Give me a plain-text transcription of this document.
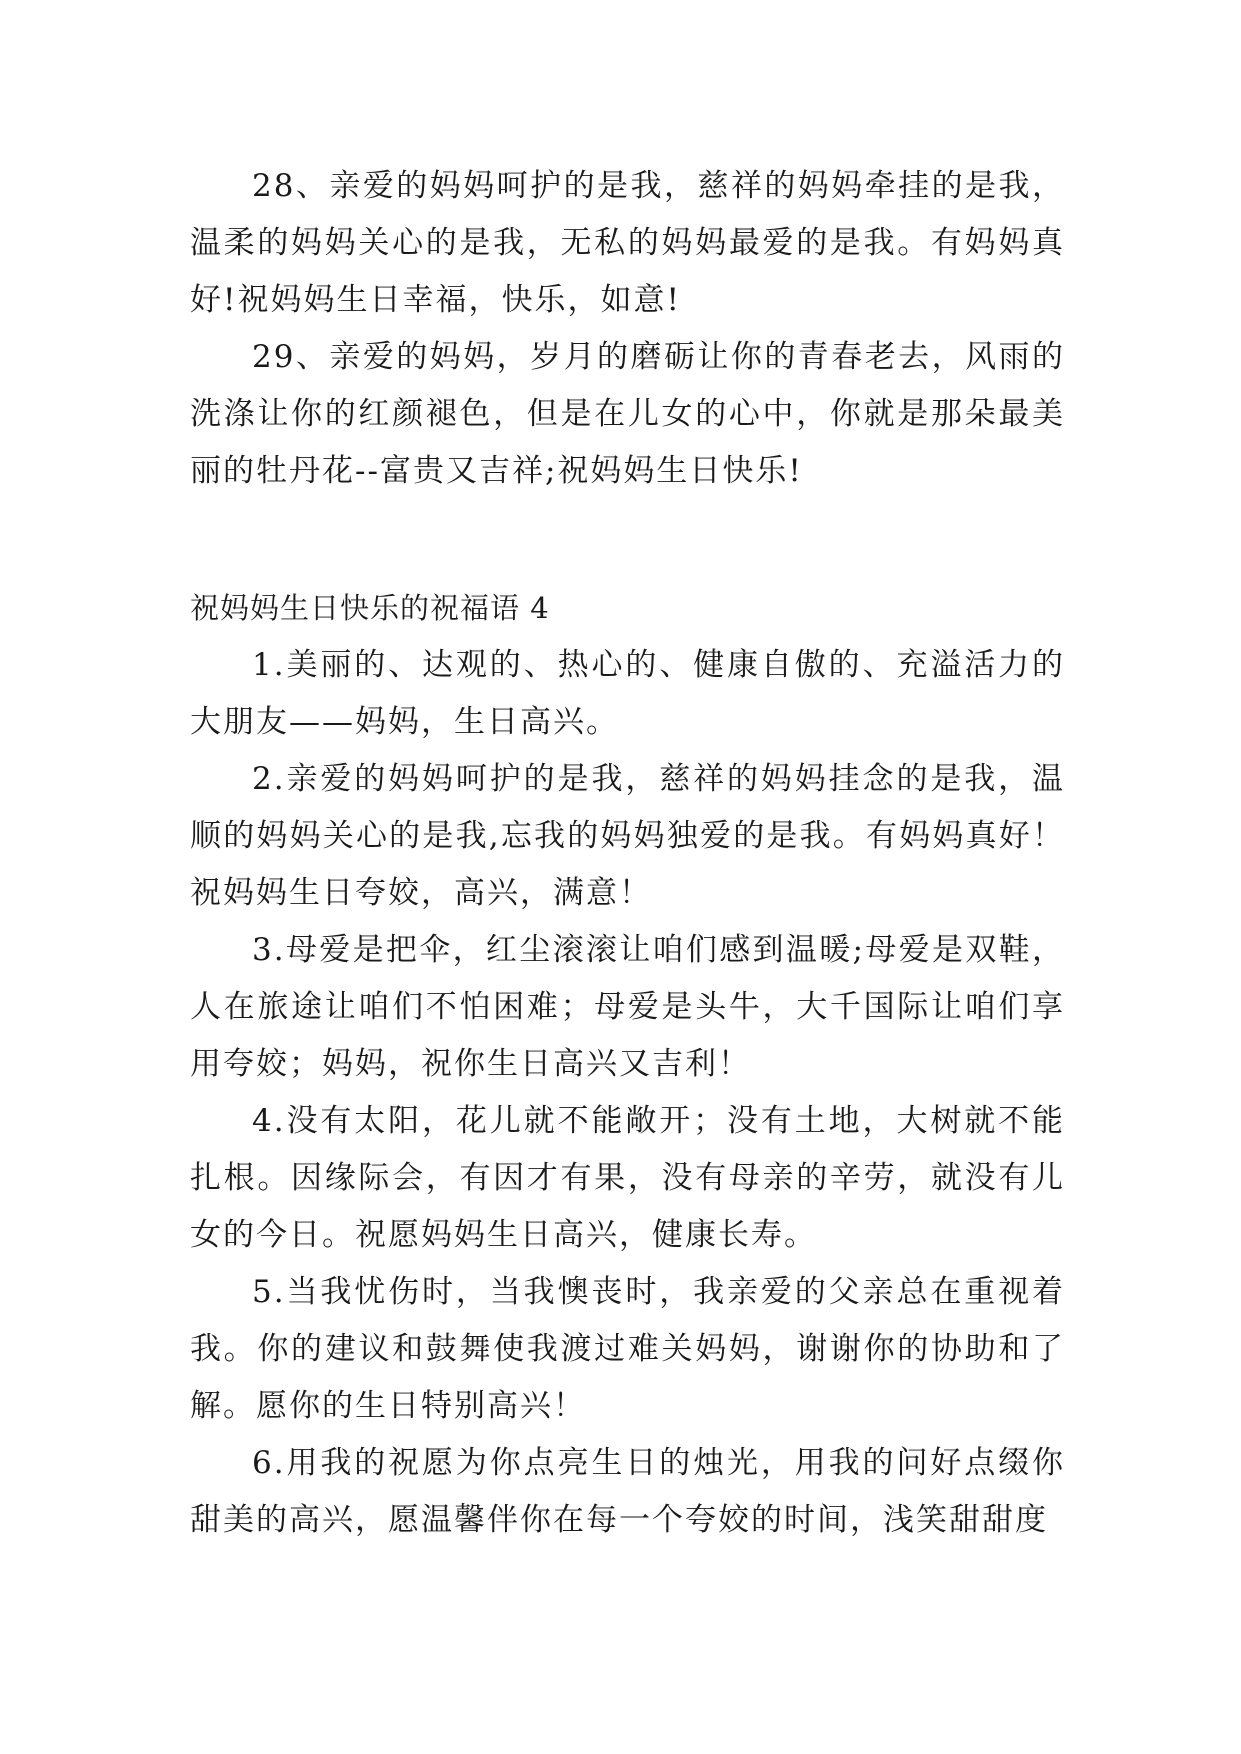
28、亲爱的妈妈呵护的是我，慈祥的妈妈牵挂的是我，温柔的妈妈关心的是我，无私的妈妈最爱的是我。有妈妈真好!祝妈妈生日幸福，快乐，如意!

29、亲爱的妈妈，岁月的磨砺让你的青春老去，风雨的洗涤让你的红颜褪色，但是在儿女的心中，你就是那朵最美丽的牡丹花--富贵又吉祥;祝妈妈生日快乐!

祝妈妈生日快乐的祝福语 4

1.美丽的、达观的、热心的、健康自傲的、充溢活力的大朋友——妈妈，生日高兴。

2.亲爱的妈妈呵护的是我，慈祥的妈妈挂念的是我，温顺的妈妈关心的是我,忘我的妈妈独爱的是我。有妈妈真好！祝妈妈生日夸姣，高兴，满意！

3.母爱是把伞，红尘滚滚让咱们感到温暖;母爱是双鞋，人在旅途让咱们不怕困难；母爱是头牛，大千国际让咱们享用夸姣；妈妈，祝你生日高兴又吉利！

4.没有太阳，花儿就不能敞开；没有土地，大树就不能扎根。因缘际会，有因才有果，没有母亲的辛劳，就没有儿女的今日。祝愿妈妈生日高兴，健康长寿。

5.当我忧伤时，当我懊丧时，我亲爱的父亲总在重视着我。你的建议和鼓舞使我渡过难关妈妈，谢谢你的协助和了解。愿你的生日特别高兴！

6.用我的祝愿为你点亮生日的烛光，用我的问好点缀你甜美的高兴，愿温馨伴你在每一个夸姣的时间，浅笑甜甜度
